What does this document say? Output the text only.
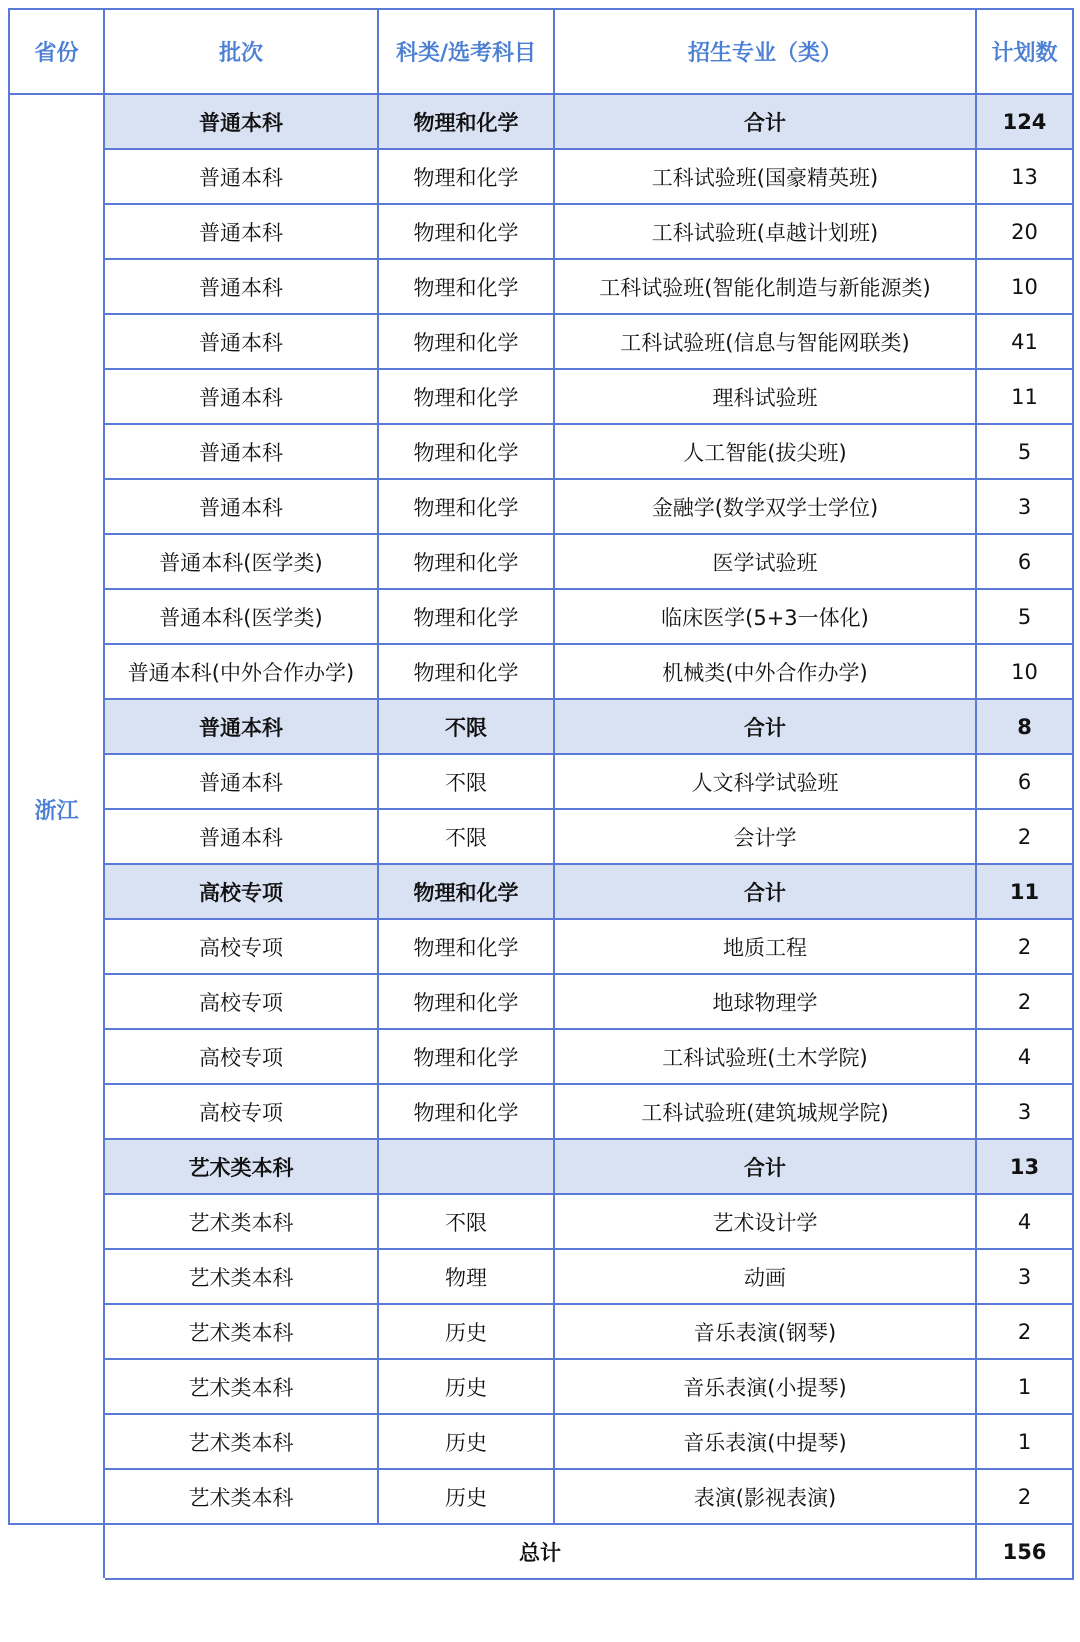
省份	批次	科类/选考科目	招生专业（类）	计划数
浙江	普通本科	物理和化学	合计	124
	普通本科	物理和化学	工科试验班(国豪精英班)	13
	普通本科	物理和化学	工科试验班(卓越计划班)	20
	普通本科	物理和化学	工科试验班(智能化制造与新能源类)	10
	普通本科	物理和化学	工科试验班(信息与智能网联类)	41
	普通本科	物理和化学	理科试验班	11
	普通本科	物理和化学	人工智能(拔尖班)	5
	普通本科	物理和化学	金融学(数学双学士学位)	3
	普通本科(医学类)	物理和化学	医学试验班	6
	普通本科(医学类)	物理和化学	临床医学(5+3一体化)	5
	普通本科(中外合作办学)	物理和化学	机械类(中外合作办学)	10
	普通本科	不限	合计	8
	普通本科	不限	人文科学试验班	6
	普通本科	不限	会计学	2
	高校专项	物理和化学	合计	11
	高校专项	物理和化学	地质工程	2
	高校专项	物理和化学	地球物理学	2
	高校专项	物理和化学	工科试验班(土木学院)	4
	高校专项	物理和化学	工科试验班(建筑城规学院)	3
	艺术类本科		合计	13
	艺术类本科	不限	艺术设计学	4
	艺术类本科	物理	动画	3
	艺术类本科	历史	音乐表演(钢琴)	2
	艺术类本科	历史	音乐表演(小提琴)	1
	艺术类本科	历史	音乐表演(中提琴)	1
	艺术类本科	历史	表演(影视表演)	2
	总计			156
